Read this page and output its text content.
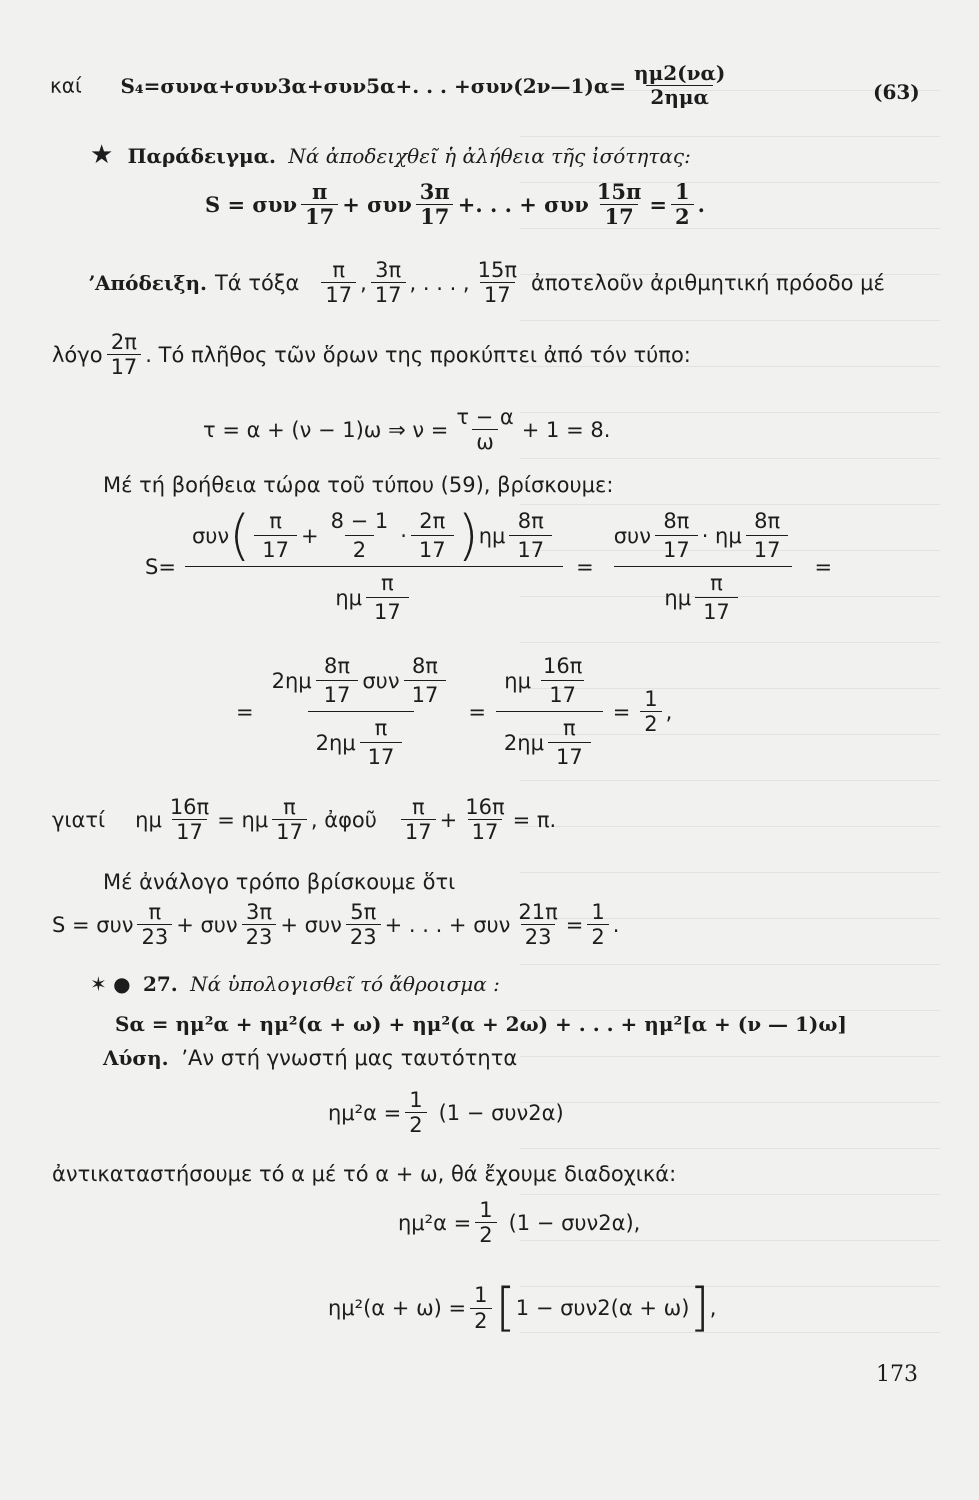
καί S₄=συνα+συν3α+συν5α+. . . +συν(2ν—1)α= $\frac{\eta\mu 2(\nu\alpha)}{\text{2ημα}}$	(63)
★ Παράδειγμα. Νά ἀποδειχθεῖ ἡ ἀλήθεια τῆς ἰσότητας:
S = συν $\frac{\pi}{17} + \sigma\upsilon\nu \frac{3\pi}{17}$ +. . . + συν $\frac{15\pi}{17} = \frac{1}{2}$ .
ʼΑπόδειξη. Τά τόξα $\frac{\pi}{17}$ , $\frac{3\pi}{17}$ , . . . , $\frac{15\pi}{17}$ ἀποτελοῦν ἀριθμητική πρόοδο μέ
λόγο $\frac{2\pi}{17}$ . Τό πλῆθος τῶν ὅρων της προκύπτει ἀπό τόν τύπο:
τ = α + (ν − 1)ω ⇒ $\nu = \frac{\tau - \alpha}{\omega} + 1 = 8$.
Μέ τή βοήθεια τώρα τοῦ τύπου (59), βρίσκουμε:
S=
συν ( $\frac{\pi}{17} + \frac{8 - 1}{2} \cdot \frac{2\pi}{17}$ ) ημ $\frac{8\pi}{17}$
ημ $\frac{\pi}{17}$
= $\frac{\sigma\upsilon\nu \frac{8\pi}{17} \cdot \eta\mu \frac{8\pi}{17}}{\eta\mu \frac{\pi}{17}}$ =
= $\frac{2\eta\mu \frac{8\pi}{17} \sigma\upsilon\nu \frac{8\pi}{17}}{2\eta\mu \frac{\pi}{17}} = \frac{\eta\mu \frac{16\pi}{17}}{2\eta\mu \frac{\pi}{17}} = \frac{1}{2}$ ,
γιατί ημ $\frac{16\pi}{17} = \eta\mu \frac{\pi}{17}$ , ἀφοῦ $\frac{\pi}{17} + \frac{16\pi}{17} = \pi$.
Μέ ἀνάλογο τρόπο βρίσκουμε ὅτι
S = συν $\frac{\pi}{23} + \sigma\upsilon\nu \frac{3\pi}{23} + \sigma\upsilon\nu \frac{5\pi}{23}$ + . . . + συν $\frac{21\pi}{23} = \frac{1}{2}$ .
✶ ● 27. Νά ὑπολογισθεῖ τό ἄθροισμα :
Sα = ημ²α + ημ²(α + ω) + ημ²(α + 2ω) + . . . + ημ²[α + (ν — 1)ω]
Λύση. ʼΑν στή γνωστή μας ταυτότητα
$\eta\mu^2\alpha = \frac{1}{2} (1 - \sigma\upsilon\nu 2\alpha)$
ἀντικαταστήσουμε τό α μέ τό α + ω, θά ἔχουμε διαδοχικά:
$\eta\mu^2\alpha = \frac{1}{2} (1 - \sigma\upsilon\nu 2\alpha)$,
$\eta\mu^2(\alpha + \omega) = \frac{1}{2}$ [ 1 − συν2(α + ω) ] ,
173
